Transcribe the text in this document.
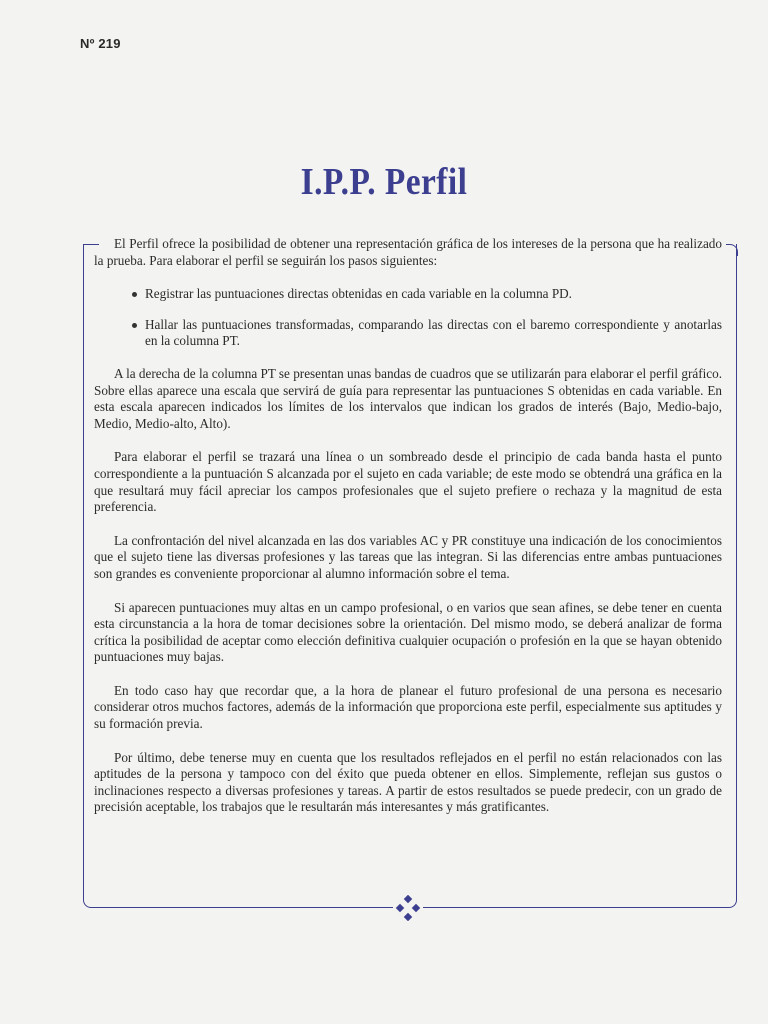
Nº 219
I.P.P. Perfil

El Perfil ofrece la posibilidad de obtener una representación gráfica de los intereses de la persona que ha realizado la prueba. Para elaborar el perfil se seguirán los pasos siguientes:

Registrar las puntuaciones directas obtenidas en cada variable en la columna PD.
Hallar las puntuaciones transformadas, comparando las directas con el baremo correspondiente y anotarlas en la columna PT.

A la derecha de la columna PT se presentan unas bandas de cuadros que se utilizarán para elaborar el perfil gráfico. Sobre ellas aparece una escala que servirá de guía para representar las puntuaciones S obtenidas en cada variable. En esta escala aparecen indicados los límites de los intervalos que indican los grados de interés (Bajo, Medio-bajo, Medio, Medio-alto, Alto).

Para elaborar el perfil se trazará una línea o un sombreado desde el principio de cada banda hasta el punto correspondiente a la puntuación S alcanzada por el sujeto en cada variable; de este modo se obtendrá una gráfica en la que resultará muy fácil apreciar los campos profesionales que el sujeto prefiere o rechaza y la magnitud de esta preferencia.

La confrontación del nivel alcanzada en las dos variables AC y PR constituye una indicación de los conocimientos que el sujeto tiene las diversas profesiones y las tareas que las integran. Si las diferencias entre ambas puntuaciones son grandes es conveniente proporcionar al alumno información sobre el tema.

Si aparecen puntuaciones muy altas en un campo profesional, o en varios que sean afines, se debe tener en cuenta esta circunstancia a la hora de tomar decisiones sobre la orientación. Del mismo modo, se deberá analizar de forma crítica la posibilidad de aceptar como elección definitiva cualquier ocupación o profesión en la que se hayan obtenido puntuaciones muy bajas.

En todo caso hay que recordar que, a la hora de planear el futuro profesional de una persona es necesario considerar otros muchos factores, además de la información que proporciona este perfil, especialmente sus aptitudes y su formación previa.

Por último, debe tenerse muy en cuenta que los resultados reflejados en el perfil no están relacionados con las aptitudes de la persona y tampoco con del éxito que pueda obtener en ellos. Simplemente, reflejan sus gustos o inclinaciones respecto a diversas profesiones y tareas. A partir de estos resultados se puede predecir, con un grado de precisión aceptable, los trabajos que le resultarán más interesantes y más gratificantes.
